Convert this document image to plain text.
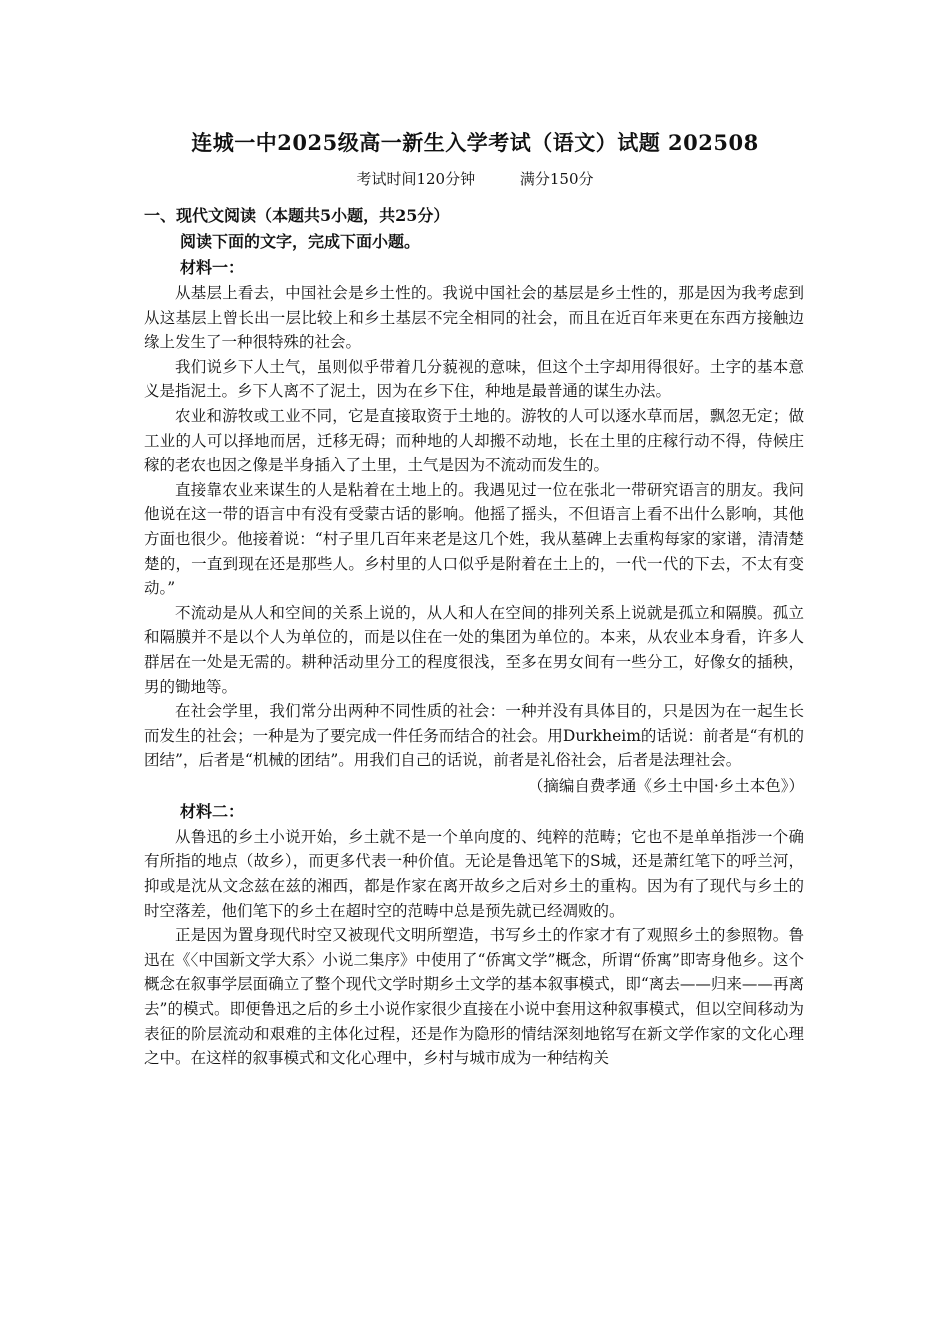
连城一中2025级高一新生入学考试（语文）试题 202508
考试时间120分钟	满分150分
一、现代文阅读（本题共5小题，共25分）
阅读下面的文字，完成下面小题。
材料一：

从基层上看去，中国社会是乡土性的。我说中国社会的基层是乡土性的，那是因为我考虑到从这基层上曾长出一层比较上和乡土基层不完全相同的社会，而且在近百年来更在东西方接触边缘上发生了一种很特殊的社会。

我们说乡下人土气，虽则似乎带着几分藐视的意味，但这个土字却用得很好。土字的基本意义是指泥土。乡下人离不了泥土，因为在乡下住，种地是最普通的谋生办法。

农业和游牧或工业不同，它是直接取资于土地的。游牧的人可以逐水草而居，飘忽无定；做工业的人可以择地而居，迁移无碍；而种地的人却搬不动地，长在土里的庄稼行动不得，侍候庄稼的老农也因之像是半身插入了土里，土气是因为不流动而发生的。

直接靠农业来谋生的人是粘着在土地上的。我遇见过一位在张北一带研究语言的朋友。我问他说在这一带的语言中有没有受蒙古话的影响。他摇了摇头，不但语言上看不出什么影响，其他方面也很少。他接着说：“村子里几百年来老是这几个姓，我从墓碑上去重构每家的家谱，清清楚楚的，一直到现在还是那些人。乡村里的人口似乎是附着在土上的，一代一代的下去，不太有变动。”

不流动是从人和空间的关系上说的，从人和人在空间的排列关系上说就是孤立和隔膜。孤立和隔膜并不是以个人为单位的，而是以住在一处的集团为单位的。本来，从农业本身看，许多人群居在一处是无需的。耕种活动里分工的程度很浅，至多在男女间有一些分工，好像女的插秧，男的锄地等。

在社会学里，我们常分出两种不同性质的社会：一种并没有具体目的，只是因为在一起生长而发生的社会；一种是为了要完成一件任务而结合的社会。用Durkheim的话说：前者是“有机的团结”，后者是“机械的团结”。用我们自己的话说，前者是礼俗社会，后者是法理社会。

（摘编自费孝通《乡土中国·乡土本色》）
材料二：

从鲁迅的乡土小说开始，乡土就不是一个单向度的、纯粹的范畴；它也不是单单指涉一个确有所指的地点（故乡），而更多代表一种价值。无论是鲁迅笔下的S城，还是萧红笔下的呼兰河，抑或是沈从文念兹在兹的湘西，都是作家在离开故乡之后对乡土的重构。因为有了现代与乡土的时空落差，他们笔下的乡土在超时空的范畴中总是预先就已经凋败的。

正是因为置身现代时空又被现代文明所塑造，书写乡土的作家才有了观照乡土的参照物。鲁迅在《〈中国新文学大系〉小说二集序》中使用了“侨寓文学”概念，所谓“侨寓”即寄身他乡。这个概念在叙事学层面确立了整个现代文学时期乡土文学的基本叙事模式，即“离去——归来——再离去”的模式。即便鲁迅之后的乡土小说作家很少直接在小说中套用这种叙事模式，但以空间移动为表征的阶层流动和艰难的主体化过程，还是作为隐形的情结深刻地铭写在新文学作家的文化心理之中。在这样的叙事模式和文化心理中，乡村与城市成为一种结构关
